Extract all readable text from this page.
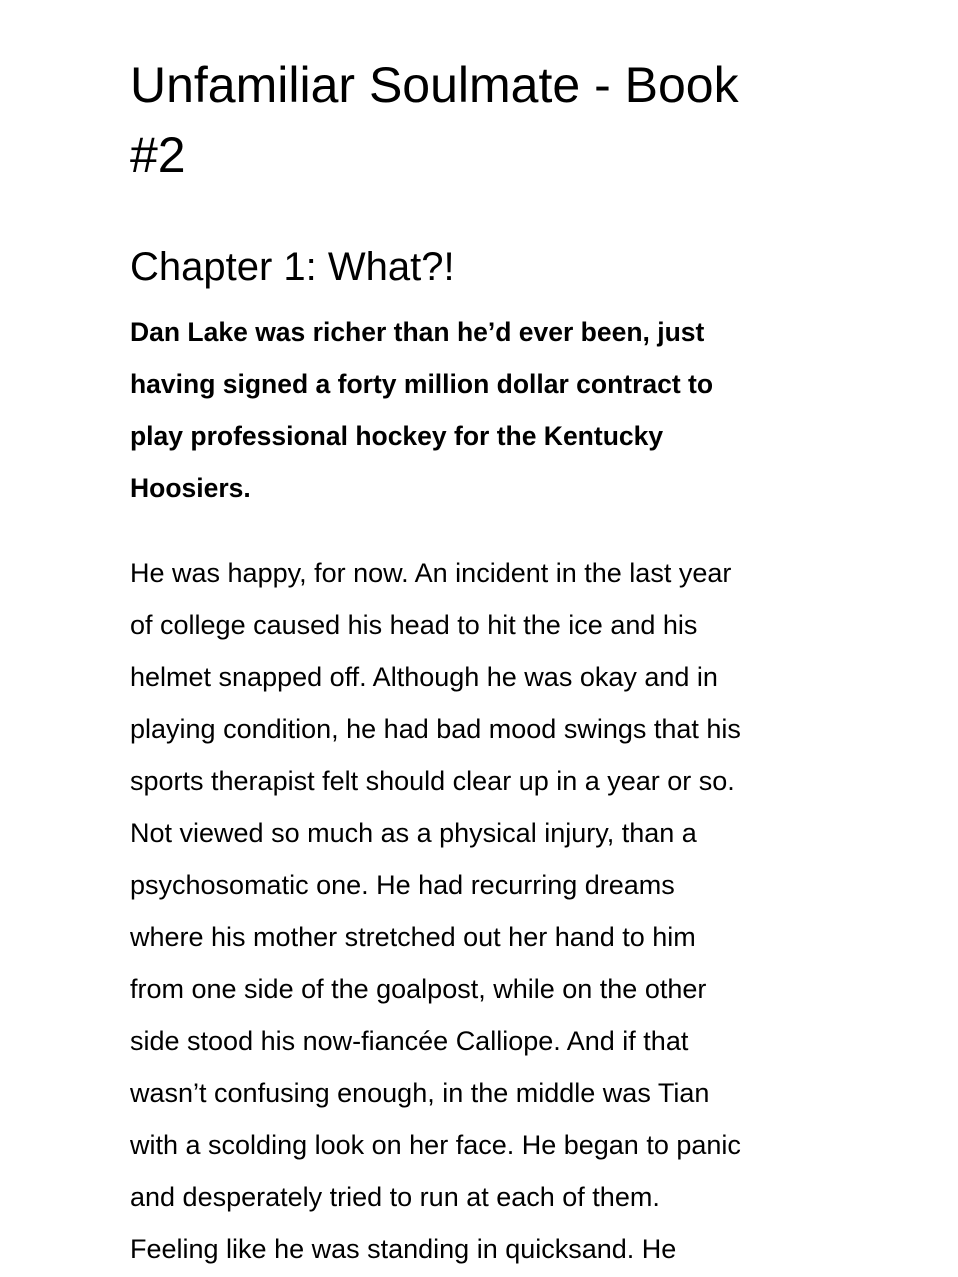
Unfamiliar Soulmate - Book
#2
Chapter 1: What?!

Dan Lake was richer than he’d ever been, just
having signed a forty million dollar contract to
play professional hockey for the Kentucky
Hoosiers.

He was happy, for now. An incident in the last year
of college caused his head to hit the ice and his
helmet snapped off. Although he was okay and in
playing condition, he had bad mood swings that his
sports therapist felt should clear up in a year or so.
Not viewed so much as a physical injury, than a
psychosomatic one. He had recurring dreams
where his mother stretched out her hand to him
from one side of the goalpost, while on the other
side stood his now-fiancée Calliope. And if that
wasn’t confusing enough, in the middle was Tian
with a scolding look on her face. He began to panic
and desperately tried to run at each of them.
Feeling like he was standing in quicksand. He
